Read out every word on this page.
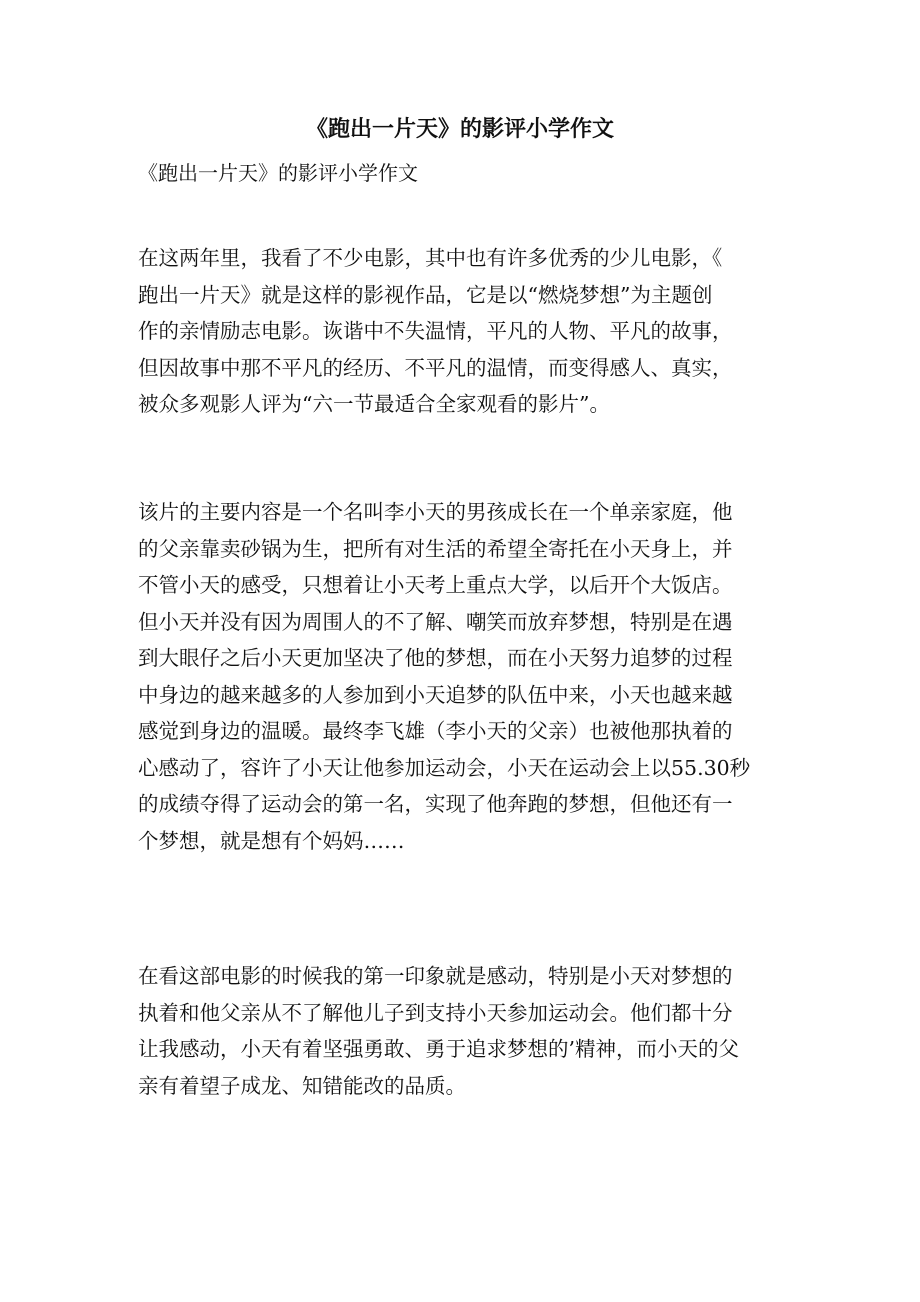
《跑出一片天》的影评小学作文

《跑出一片天》的影评小学作文

在这两年里，我看了不少电影，其中也有许多优秀的少儿电影，《
跑出一片天》就是这样的影视作品，它是以“燃烧梦想”为主题创
作的亲情励志电影。诙谐中不失温情，平凡的人物、平凡的故事，
但因故事中那不平凡的经历、不平凡的温情，而变得感人、真实，
被众多观影人评为“六一节最适合全家观看的影片”。

该片的主要内容是一个名叫李小天的男孩成长在一个单亲家庭，他
的父亲靠卖砂锅为生，把所有对生活的希望全寄托在小天身上，并
不管小天的感受，只想着让小天考上重点大学，以后开个大饭店。
但小天并没有因为周围人的不了解、嘲笑而放弃梦想，特别是在遇
到大眼仔之后小天更加坚决了他的梦想，而在小天努力追梦的过程
中身边的越来越多的人参加到小天追梦的队伍中来，小天也越来越
感觉到身边的温暖。最终李飞雄（李小天的父亲）也被他那执着的
心感动了，容许了小天让他参加运动会，小天在运动会上以55.30秒
的成绩夺得了运动会的第一名，实现了他奔跑的梦想，但他还有一
个梦想，就是想有个妈妈……

在看这部电影的时候我的第一印象就是感动，特别是小天对梦想的
执着和他父亲从不了解他儿子到支持小天参加运动会。他们都十分
让我感动，小天有着坚强勇敢、勇于追求梦想的’精神，而小天的父
亲有着望子成龙、知错能改的品质。
